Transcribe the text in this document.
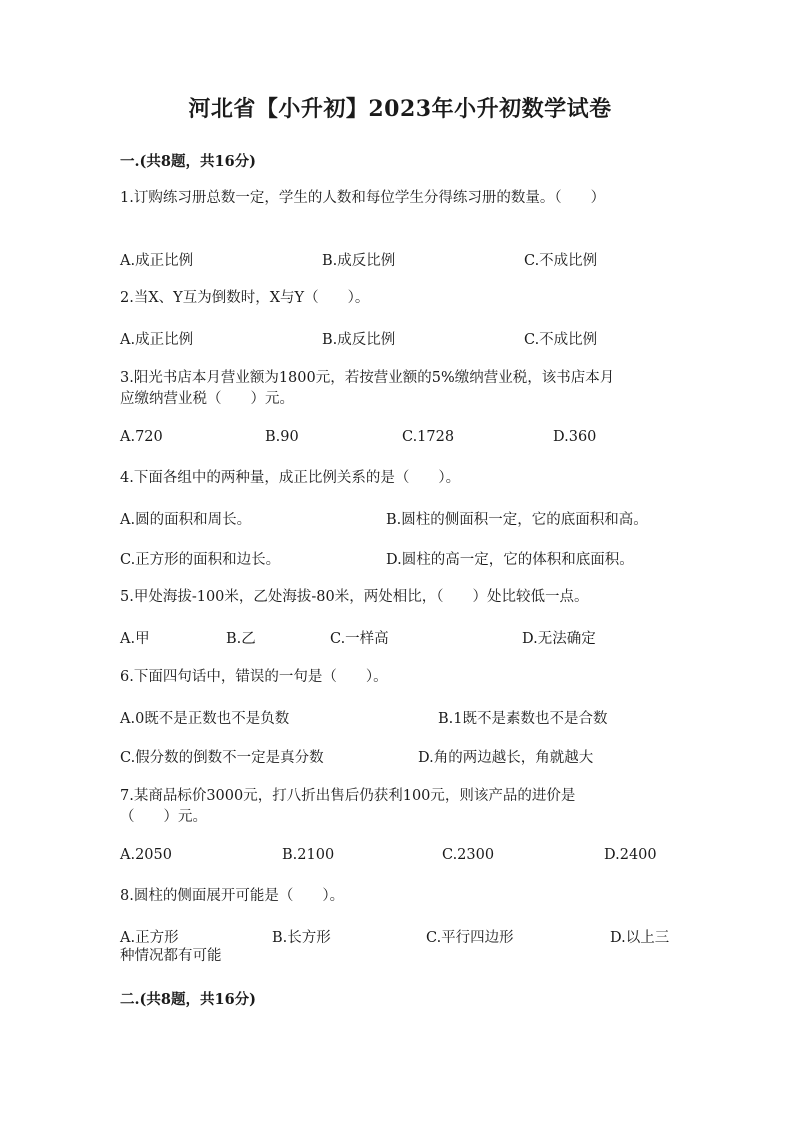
河北省【小升初】2023年小升初数学试卷
一.(共8题，共16分)
1.订购练习册总数一定，学生的人数和每位学生分得练习册的数量。（　　）
A.成正比例	B.成反比例	C.不成比例
2.当X、Y互为倒数时，X与Y（　　）。
A.成正比例	B.成反比例	C.不成比例
3.阳光书店本月营业额为1800元，若按营业额的5%缴纳营业税，该书店本月
应缴纳营业税（　　）元。
A.720	B.90	C.1728	D.360
4.下面各组中的两种量，成正比例关系的是（　　）。
A.圆的面积和周长。	B.圆柱的侧面积一定，它的底面积和高。
C.正方形的面积和边长。	D.圆柱的高一定，它的体积和底面积。
5.甲处海拔-100米，乙处海拔-80米，两处相比，（　　）处比较低一点。
A.甲	B.乙	C.一样高	D.无法确定
6.下面四句话中，错误的一句是（　　）。
A.0既不是正数也不是负数	B.1既不是素数也不是合数
C.假分数的倒数不一定是真分数	D.角的两边越长，角就越大
7.某商品标价3000元，打八折出售后仍获利100元，则该产品的进价是
（　　）元。
A.2050	B.2100	C.2300	D.2400
8.圆柱的侧面展开可能是（　　）。
A.正方形	B.长方形	C.平行四边形	D.以上三
种情况都有可能
二.(共8题，共16分)
